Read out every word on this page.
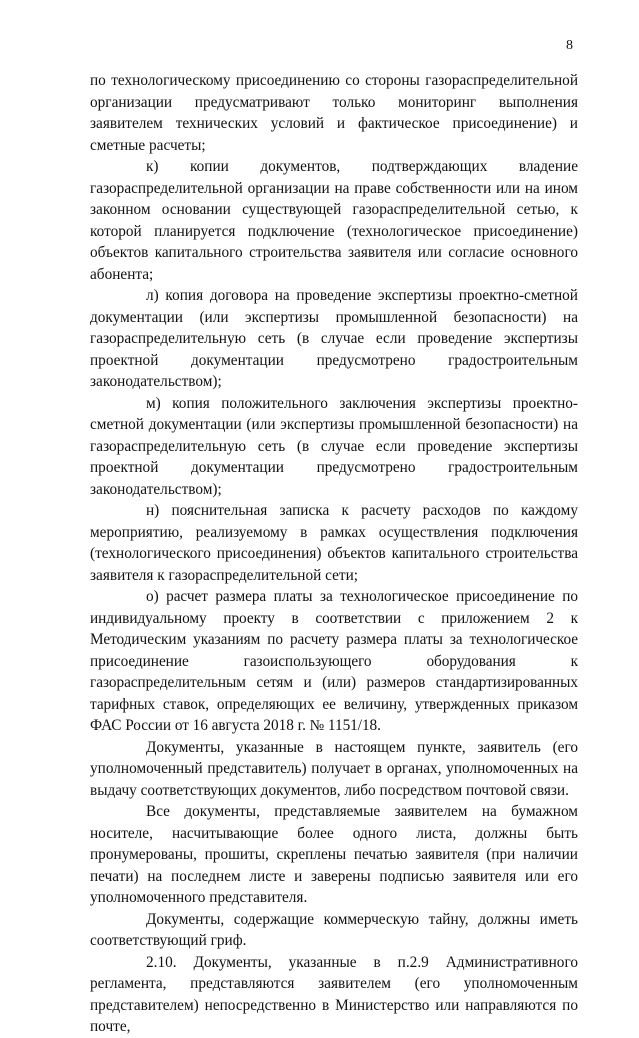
8

по технологическому присоединению со стороны газораспределительной организации предусматривают только мониторинг выполнения заявителем технических условий и фактическое присоединение) и сметные расчеты;

к) копии документов, подтверждающих владение газораспределительной организации на праве собственности или на ином законном основании существующей газораспределительной сетью, к которой планируется подключение (технологическое присоединение) объектов капитального строительства заявителя или согласие основного абонента;

л) копия договора на проведение экспертизы проектно-сметной документации (или экспертизы промышленной безопасности) на газораспределительную сеть (в случае если проведение экспертизы проектной документации предусмотрено градостроительным законодательством);

м) копия положительного заключения экспертизы проектно-сметной документации (или экспертизы промышленной безопасности) на газораспределительную сеть (в случае если проведение экспертизы проектной документации предусмотрено градостроительным законодательством);

н) пояснительная записка к расчету расходов по каждому мероприятию, реализуемому в рамках осуществления подключения (технологического присоединения) объектов капитального строительства заявителя к газораспределительной сети;

о) расчет размера платы за технологическое присоединение по индивидуальному проекту в соответствии с приложением 2 к Методическим указаниям по расчету размера платы за технологическое присоединение газоиспользующего оборудования к газораспределительным сетям и (или) размеров стандартизированных тарифных ставок, определяющих ее величину, утвержденных приказом ФАС России от 16 августа 2018 г. № 1151/18.

Документы, указанные в настоящем пункте, заявитель (его уполномоченный представитель) получает в органах, уполномоченных на выдачу соответствующих документов, либо посредством почтовой связи.

Все документы, представляемые заявителем на бумажном носителе, насчитывающие более одного листа, должны быть пронумерованы, прошиты, скреплены печатью заявителя (при наличии печати) на последнем листе и заверены подписью заявителя или его уполномоченного представителя.

Документы, содержащие коммерческую тайну, должны иметь соответствующий гриф.

2.10. Документы, указанные в п.2.9 Административного регламента, представляются заявителем (его уполномоченным представителем) непосредственно в Министерство или направляются по почте,
